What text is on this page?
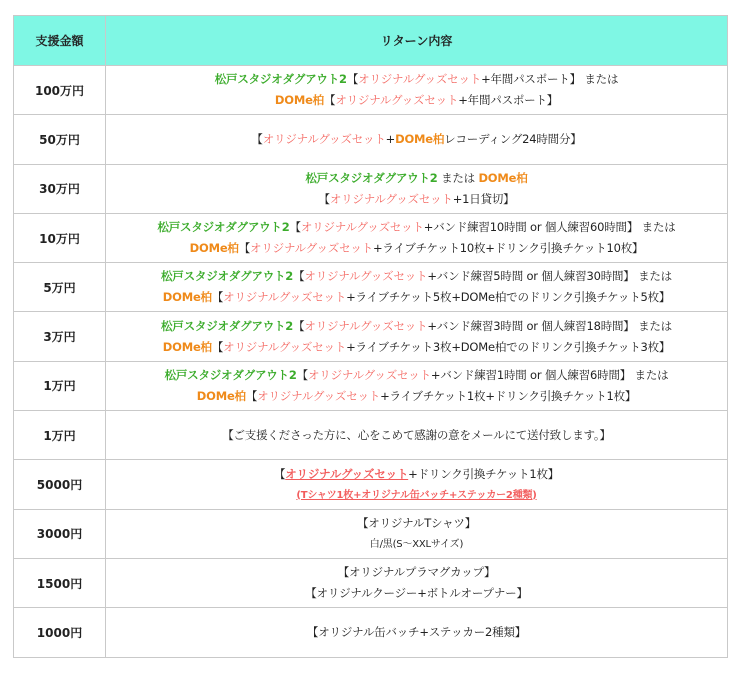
支援金額	リターン内容
100万円	松戸スタジオダグアウト2【オリジナルグッズセット+年間パスポート】 または
DOMe柏【オリジナルグッズセット+年間パスポート】

50万円	【オリジナルグッズセット+DOMe柏レコーディング24時間分】

30万円	松戸スタジオダグアウト2 または DOMe柏
【オリジナルグッズセット+1日貸切】

10万円	松戸スタジオダグアウト2【オリジナルグッズセット+バンド練習10時間 or 個人練習60時間】 または
DOMe柏【オリジナルグッズセット+ライブチケット10枚+ドリンク引換チケット10枚】

5万円	松戸スタジオダグアウト2【オリジナルグッズセット+バンド練習5時間 or 個人練習30時間】 または
DOMe柏【オリジナルグッズセット+ライブチケット5枚+DOMe柏でのドリンク引換チケット5枚】

3万円	松戸スタジオダグアウト2【オリジナルグッズセット+バンド練習3時間 or 個人練習18時間】 または
DOMe柏【オリジナルグッズセット+ライブチケット3枚+DOMe柏でのドリンク引換チケット3枚】

1万円	松戸スタジオダグアウト2【オリジナルグッズセット+バンド練習1時間 or 個人練習6時間】 または
DOMe柏【オリジナルグッズセット+ライブチケット1枚+ドリンク引換チケット1枚】

1万円	【ご支援くださった方に、心をこめて感謝の意をメールにて送付致します。】

5000円	【オリジナルグッズセット+ドリンク引換チケット1枚】
(Tシャツ1枚+オリジナル缶バッチ+ステッカー2種類)

3000円	【オリジナルTシャツ】
白/黒(S〜XXLサイズ)

1500円	【オリジナルプラマグカップ】
【オリジナルクージー+ボトルオープナー】

1000円	【オリジナル缶バッチ+ステッカー2種類】
